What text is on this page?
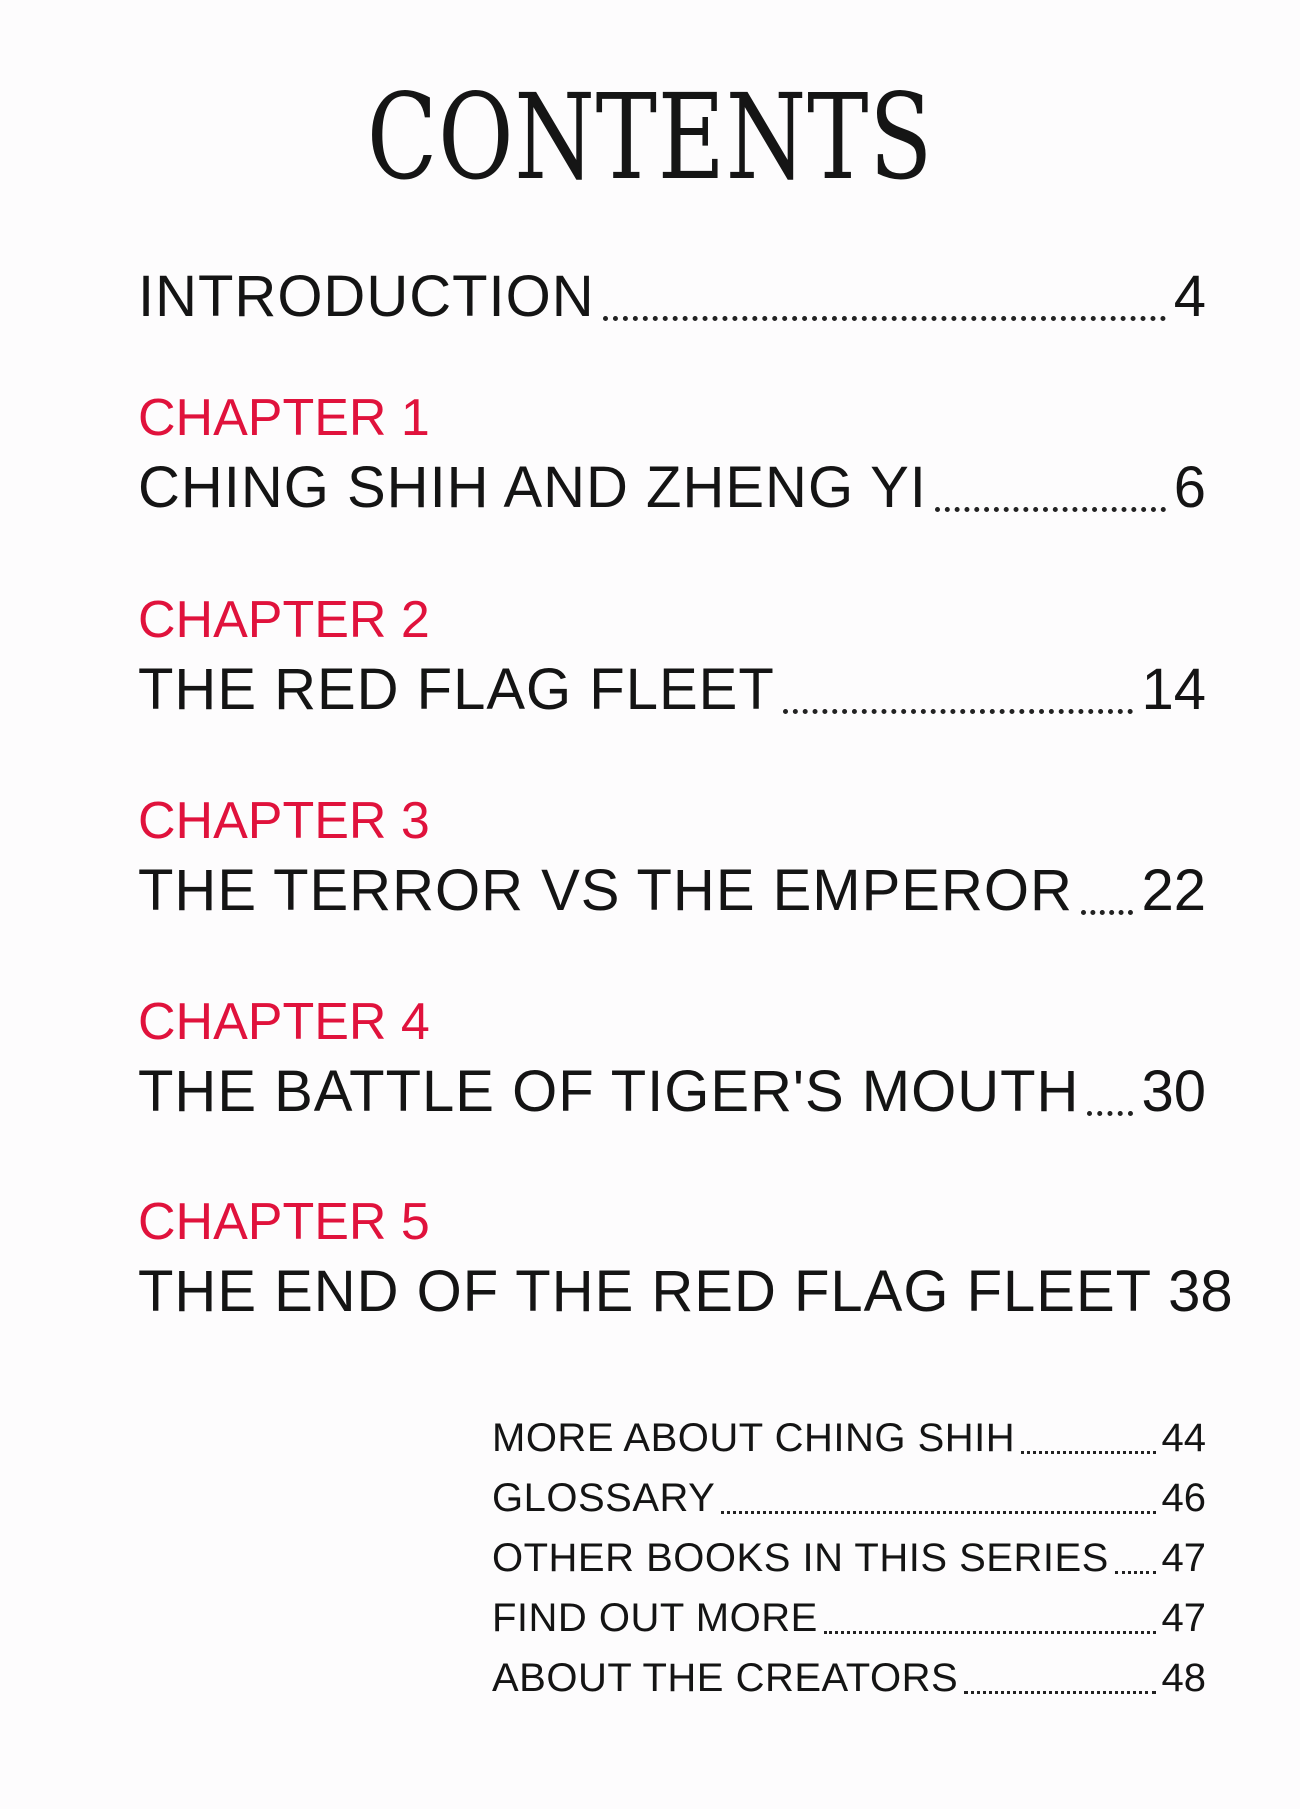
CONTENTS
INTRODUCTION	4
CHAPTER 1
CHING SHIH AND ZHENG YI	6
CHAPTER 2
THE RED FLAG FLEET	14
CHAPTER 3
THE TERROR VS THE EMPEROR 22
CHAPTER 4
THE BATTLE OF TIGER'S MOUTH 30
CHAPTER 5
THE END OF THE RED FLAG FLEET 38
MORE ABOUT CHING SHIH	44
GLOSSARY	46
OTHER BOOKS IN THIS SERIES 47
FIND OUT MORE	47
ABOUT THE CREATORS	48
